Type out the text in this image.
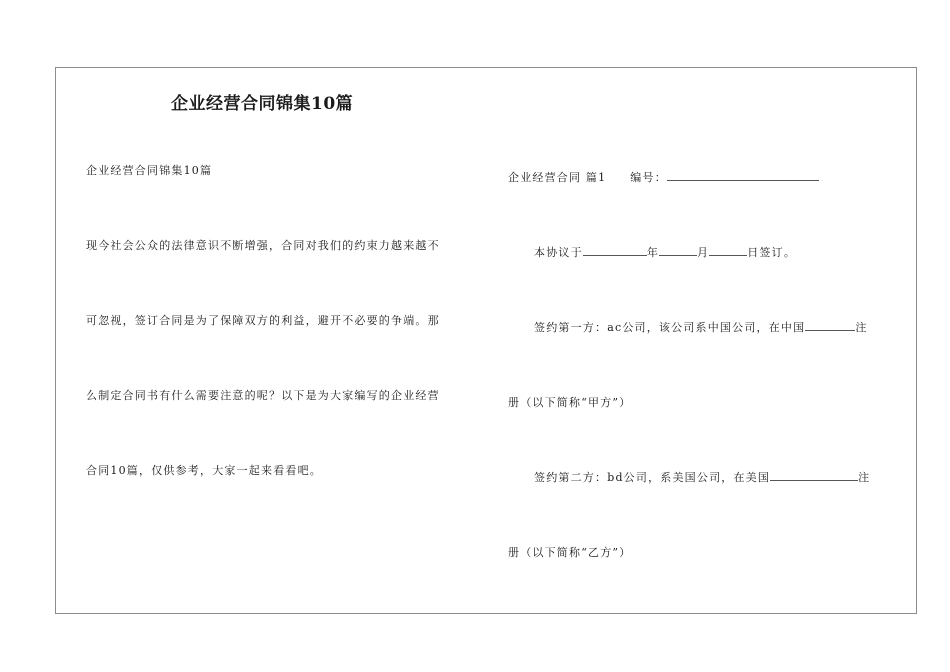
企业经营合同锦集10篇
企业经营合同锦集10篇
现今社会公众的法律意识不断增强，合同对我们的约束力越来越不
可忽视，签订合同是为了保障双方的利益，避开不必要的争端。那
么制定合同书有什么需要注意的呢？以下是为大家编写的企业经营
合同10篇，仅供参考，大家一起来看看吧。
企业经营合同 篇1 编号：
本协议于	年	月	日签订。
签约第一方：ac公司，该公司系中国公司，在中国	注
册（以下简称“甲方”）
签约第二方：bd公司，系美国公司，在美国	注
册（以下简称“乙方”）
